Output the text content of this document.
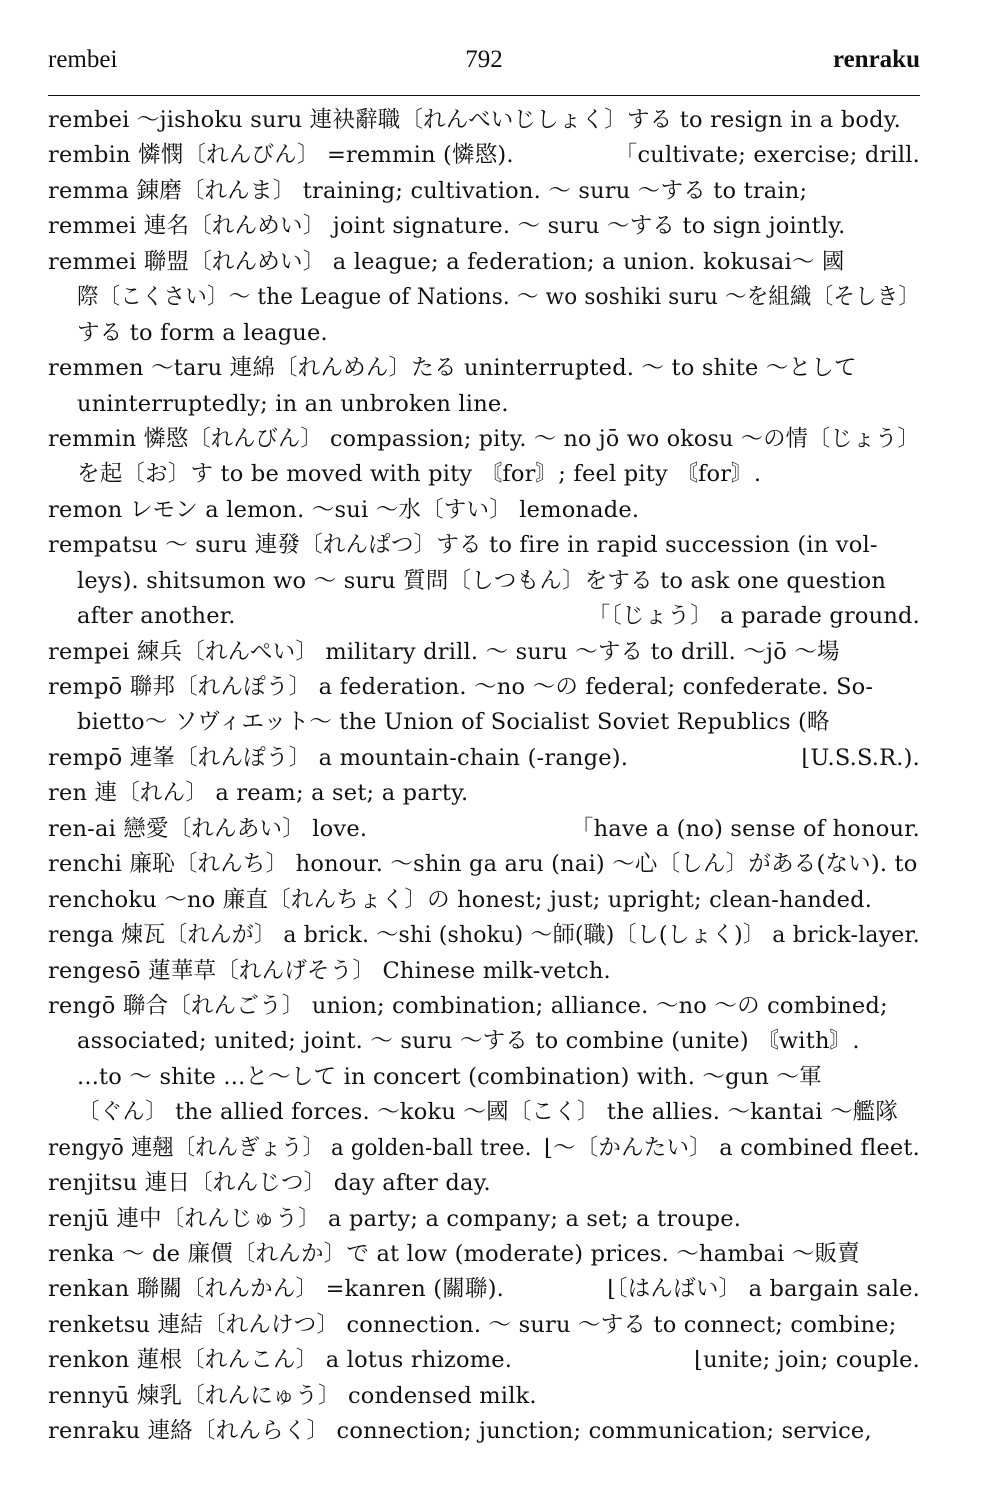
rembei	792	renraku
rembei ～jishoku suru 連袂辭職〔れんべいじしょく〕する to resign in a body.
rembin 憐憫〔れんびん〕 =remmin (憐愍).	「cultivate; exercise; drill.
remma 錬磨〔れんま〕 training; cultivation. ～ suru ～する to train;
remmei 連名〔れんめい〕 joint signature. ～ suru ～する to sign jointly.
remmei 聯盟〔れんめい〕 a league; a federation; a union. kokusai～ 國
際〔こくさい〕～ the League of Nations. ～ wo soshiki suru ～を組織〔そしき〕
する to form a league.
remmen ～taru 連綿〔れんめん〕たる uninterrupted. ～ to shite ～として
uninterruptedly; in an unbroken line.
remmin 憐愍〔れんびん〕 compassion; pity. ～ no jō wo okosu ～の情〔じょう〕
を起〔お〕す to be moved with pity 〘for〙; feel pity 〘for〙.
remon レモン a lemon. ～sui ～水〔すい〕 lemonade.
rempatsu ～ suru 連發〔れんぱつ〕する to fire in rapid succession (in vol-
leys). shitsumon wo ～ suru 質問〔しつもん〕をする to ask one question
after another.	「〔じょう〕 a parade ground.
rempei 練兵〔れんぺい〕 military drill. ～ suru ～する to drill. ～jō ～場
rempō 聯邦〔れんぽう〕 a federation. ～no ～の federal; confederate. So-
bietto～ ソヴィエット～ the Union of Socialist Soviet Republics (略
rempō 連峯〔れんぽう〕 a mountain-chain (-range).	⌊U.S.S.R.).
ren 連〔れん〕 a ream; a set; a party.
ren-ai 戀愛〔れんあい〕 love.	「have a (no) sense of honour.
renchi 廉恥〔れんち〕 honour. ～shin ga aru (nai) ～心〔しん〕がある(ない). to
renchoku ～no 廉直〔れんちょく〕の honest; just; upright; clean-handed.
renga 煉瓦〔れんが〕 a brick. ～shi (shoku) ～師(職)〔し(しょく)〕 a brick-layer.
rengesō 蓮華草〔れんげそう〕 Chinese milk-vetch.
rengō 聯合〔れんごう〕 union; combination; alliance. ～no ～の combined;
associated; united; joint. ～ suru ～する to combine (unite) 〘with〙.
...to ～ shite ...と～して in concert (combination) with. ～gun ～軍
〔ぐん〕 the allied forces. ～koku ～國〔こく〕 the allies. ～kantai ～艦隊
rengyō 連翹〔れんぎょう〕 a golden-ball tree. ⌊～〔かんたい〕 a combined fleet.
renjitsu 連日〔れんじつ〕 day after day.
renjū 連中〔れんじゅう〕 a party; a company; a set; a troupe.
renka ～ de 廉價〔れんか〕で at low (moderate) prices. ～hambai ～販賣
renkan 聯關〔れんかん〕 =kanren (關聯).	⌊〔はんばい〕 a bargain sale.
renketsu 連結〔れんけつ〕 connection. ～ suru ～する to connect; combine;
renkon 蓮根〔れんこん〕 a lotus rhizome.	⌊unite; join; couple.
rennyū 煉乳〔れんにゅう〕 condensed milk.
renraku 連絡〔れんらく〕 connection; junction; communication; service,
